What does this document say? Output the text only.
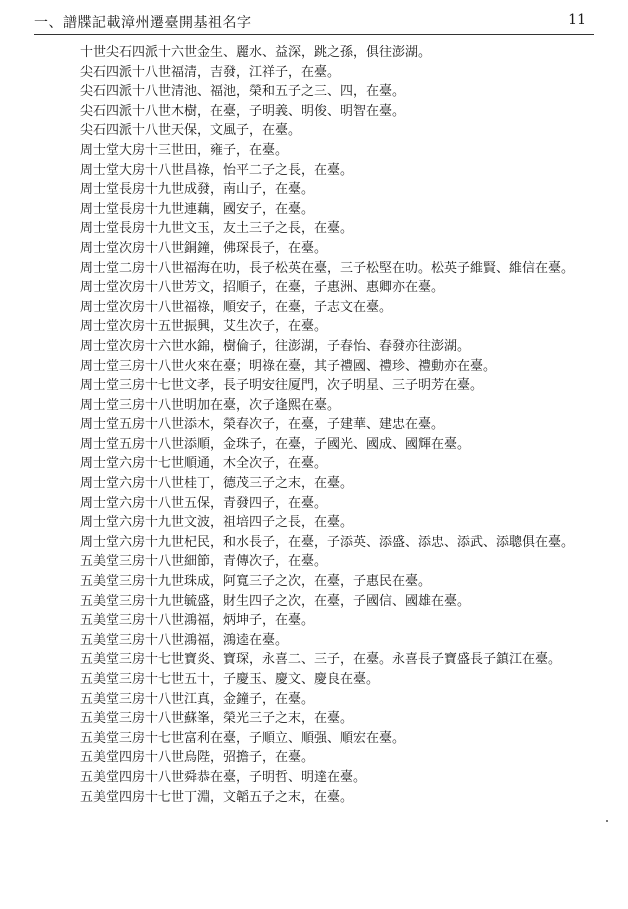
一、譜牒記載漳州遷臺開基祖名字	11
十世尖石四派十六世金生、麗水、益深，跳之孫，俱往澎湖。
尖石四派十八世福清，吉發，江祥子，在臺。
尖石四派十八世清池、福池，榮和五子之三、四，在臺。
尖石四派十八世木樹，在臺，子明義、明俊、明智在臺。
尖石四派十八世天保，文風子，在臺。
周士堂大房十三世田，雍子，在臺。
周士堂大房十八世昌祿，怡平二子之長，在臺。
周士堂長房十九世成發，南山子，在臺。
周士堂長房十九世連藕，國安子，在臺。
周士堂長房十九世文玉，友土三子之長，在臺。
周士堂次房十八世銅鐘，佛琛長子，在臺。
周士堂二房十八世福海在叻，長子松英在臺，三子松堅在叻。松英子維賢、維信在臺。
周士堂次房十八世芳文，招順子，在臺，子惠洲、惠卿亦在臺。
周士堂次房十八世福祿，順安子，在臺，子志文在臺。
周士堂次房十五世振興，艾生次子，在臺。
周士堂次房十六世水錦，樹倫子，往澎湖，子春怡、春發亦往澎湖。
周士堂三房十八世火來在臺；明祿在臺，其子禮國、禮珍、禮動亦在臺。
周士堂三房十七世文孝，長子明安往厦門，次子明星、三子明芳在臺。
周士堂三房十八世明加在臺，次子逢熙在臺。
周士堂五房十八世添木，榮春次子，在臺，子建華、建忠在臺。
周士堂五房十八世添順，金珠子，在臺，子國光、國成、國輝在臺。
周士堂六房十七世順通，木全次子，在臺。
周士堂六房十八世桂丁，德茂三子之末，在臺。
周士堂六房十八世五保，青發四子，在臺。
周士堂六房十九世文波，祖培四子之長，在臺。
周士堂六房十九世杞民，和水長子，在臺，子添英、添盛、添忠、添武、添聰俱在臺。
五美堂三房十八世細節，青傳次子，在臺。
五美堂三房十九世珠成，阿寬三子之次，在臺，子惠民在臺。
五美堂三房十九世毓盛，財生四子之次，在臺，子國信、國雄在臺。
五美堂三房十八世鴻福，炳坤子，在臺。
五美堂三房十八世鴻福，鴻逵在臺。
五美堂三房十七世寶炎、寶琛，永喜二、三子，在臺。永喜長子寶盛長子鎮江在臺。
五美堂三房十七世五十，子慶玉、慶文、慶良在臺。
五美堂三房十八世江真，金鐘子，在臺。
五美堂三房十八世蘇峯，榮光三子之末，在臺。
五美堂三房十七世富利在臺，子順立、順强、順宏在臺。
五美堂四房十八世烏陛，弨擔子，在臺。
五美堂四房十八世舜恭在臺，子明哲、明達在臺。
五美堂四房十七世丁淵，文韜五子之末，在臺。
